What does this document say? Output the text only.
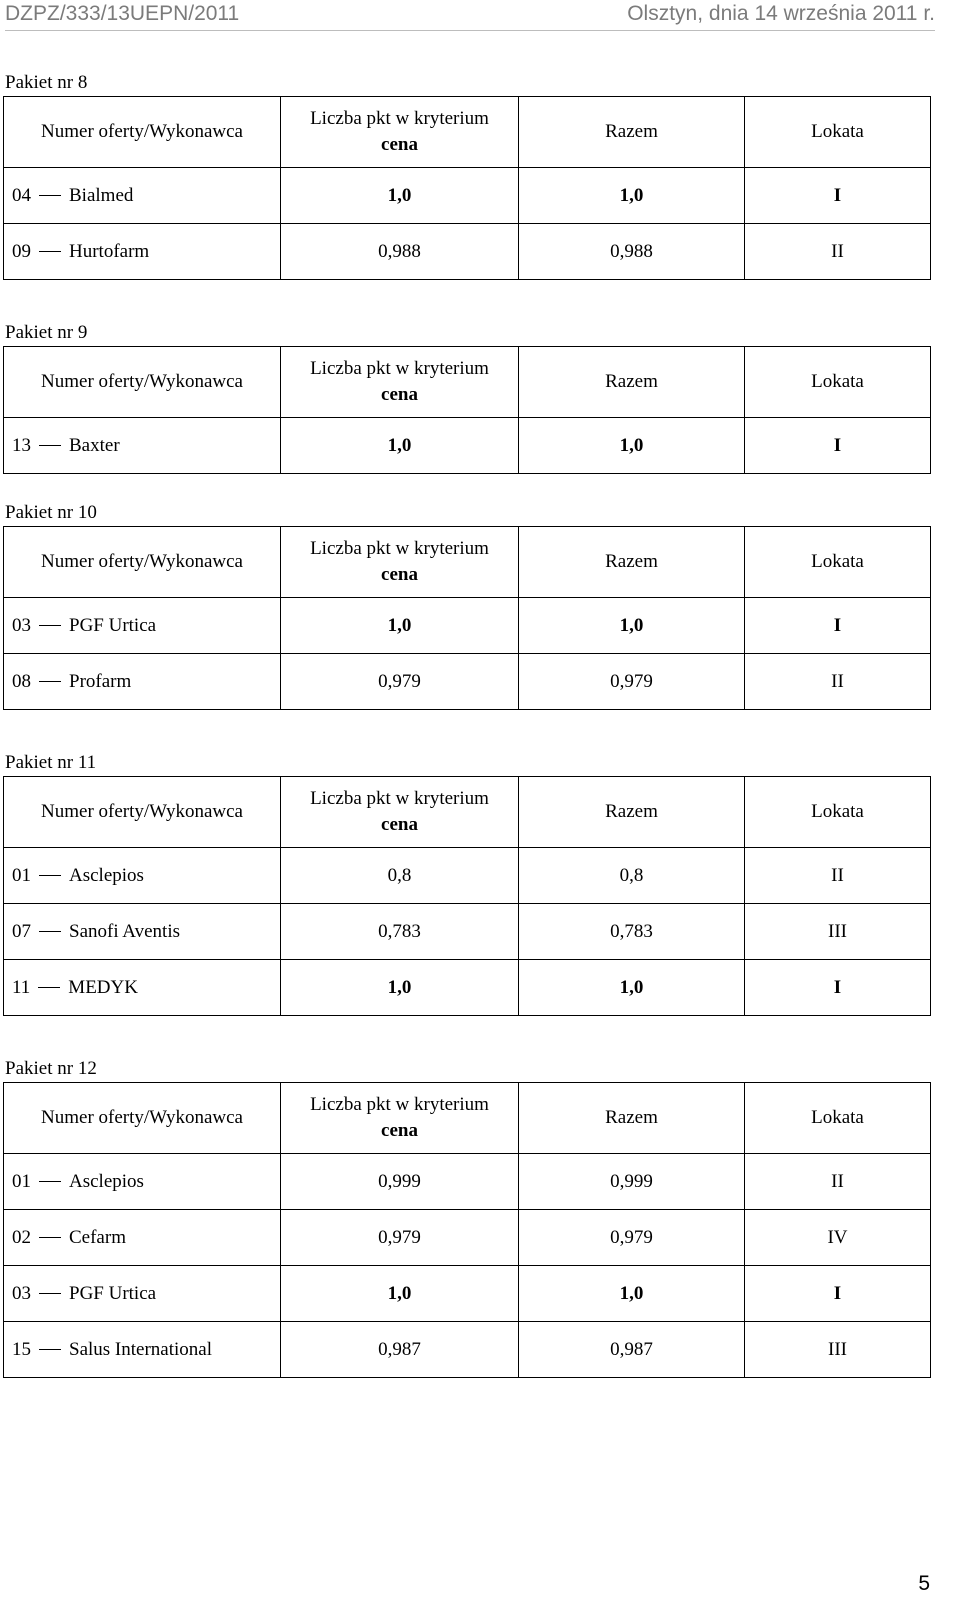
DZPZ/333/13UEPN/2011	Olsztyn, dnia 14 września 2011 r.
Pakiet nr 8
Numer oferty/Wykonawca	Liczba pkt w kryterium
cena	Razem	Lokata
04 Bialmed	1,0	1,0	I
09 Hurtofarm	0,988	0,988	II
Pakiet nr 9
Numer oferty/Wykonawca	Liczba pkt w kryterium
cena	Razem	Lokata
13 Baxter	1,0	1,0	I
Pakiet nr 10
Numer oferty/Wykonawca	Liczba pkt w kryterium
cena	Razem	Lokata
03 PGF Urtica	1,0	1,0	I
08 Profarm	0,979	0,979	II
Pakiet nr 11
Numer oferty/Wykonawca	Liczba pkt w kryterium
cena	Razem	Lokata
01 Asclepios	0,8	0,8	II
07 Sanofi Aventis	0,783	0,783	III
11 MEDYK	1,0	1,0	I
Pakiet nr 12
Numer oferty/Wykonawca	Liczba pkt w kryterium
cena	Razem	Lokata
01 Asclepios	0,999	0,999	II
02 Cefarm	0,979	0,979	IV
03 PGF Urtica	1,0	1,0	I
15 Salus International	0,987	0,987	III
5
